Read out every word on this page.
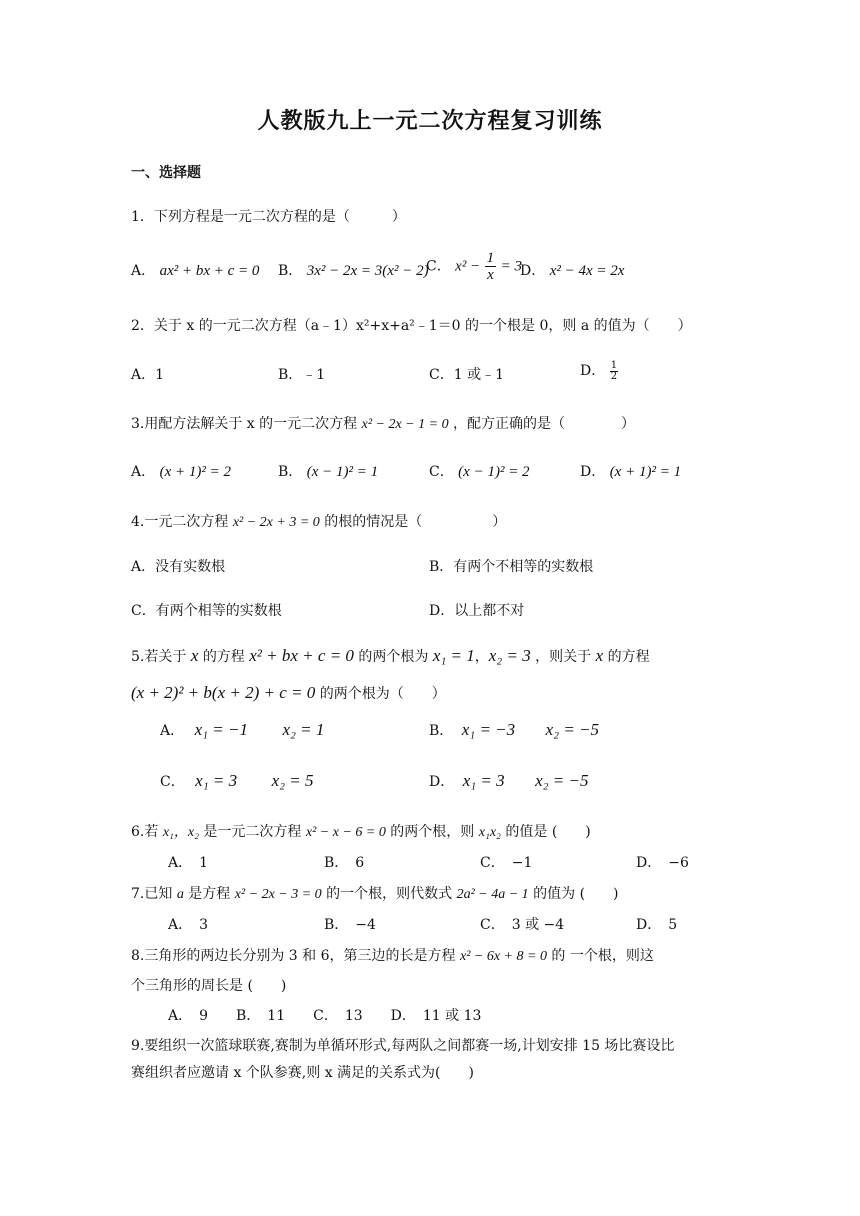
人教版九上一元二次方程复习训练
一、选择题
1．下列方程是一元二次方程的是（　　　）
A． ax² + bx + c = 0 B． 3x² − 2x = 3(x² − 2)
C． $x^2 - \frac{1}{x} = 3$
D． x² − 4x = 2x
2．关于 x 的一元二次方程（a﹣1）x²+x+a²﹣1＝0 的一个根是 0，则 a 的值为（　　）
A．1	B．﹣1	C．1 或﹣1	D． $\frac{1}{2}$
3.用配方法解关于 x 的一元二次方程 x² − 2x − 1 = 0 ，配方正确的是（　　　　）
A． (x + 1)² = 2	B． (x − 1)² = 1	C． (x − 1)² = 2	D． (x + 1)² = 1
4.一元二次方程 x² − 2x + 3 = 0 的根的情况是（　　　　　）
A．没有实数根	B．有两个不相等的实数根
C．有两个相等的实数根	D．以上都不对
5.若关于 x 的方程 x² + bx + c = 0 的两个根为 x₁ = 1，x₂ = 3 ，则关于 x 的方程
(x + 2)² + b(x + 2) + c = 0 的两个根为（　　）
A． x₁ = −1 x₂ = 1	B． x₁ = −3 x₂ = −5
C． x₁ = 3 x₂ = 5	D． x₁ = 3 x₂ = −5
6.若 x₁，x₂ 是一元二次方程 x² − x − 6 = 0 的两个根，则 x₁x₂ 的值是 (　　)
A．　1	B．　6	C．　−1	D．　−6
7.已知 a 是方程 x² − 2x − 3 = 0 的一个根，则代数式 2a² − 4a − 1 的值为 (　　)
A．　3	B．　−4	C．　3 或 −4	D．　5
8.三角形的两边长分别为 3 和 6，第三边的长是方程 x² − 6x + 8 = 0 的 一个根，则这
个三角形的周长是 (　　)
A．　9　　B．　11　　C．　13　　D．　11 或 13
9.要组织一次篮球联赛,赛制为单循环形式,每两队之间都赛一场,计划安排 15 场比赛设比
赛组织者应邀请 x 个队参赛,则 x 满足的关系式为(　　)
